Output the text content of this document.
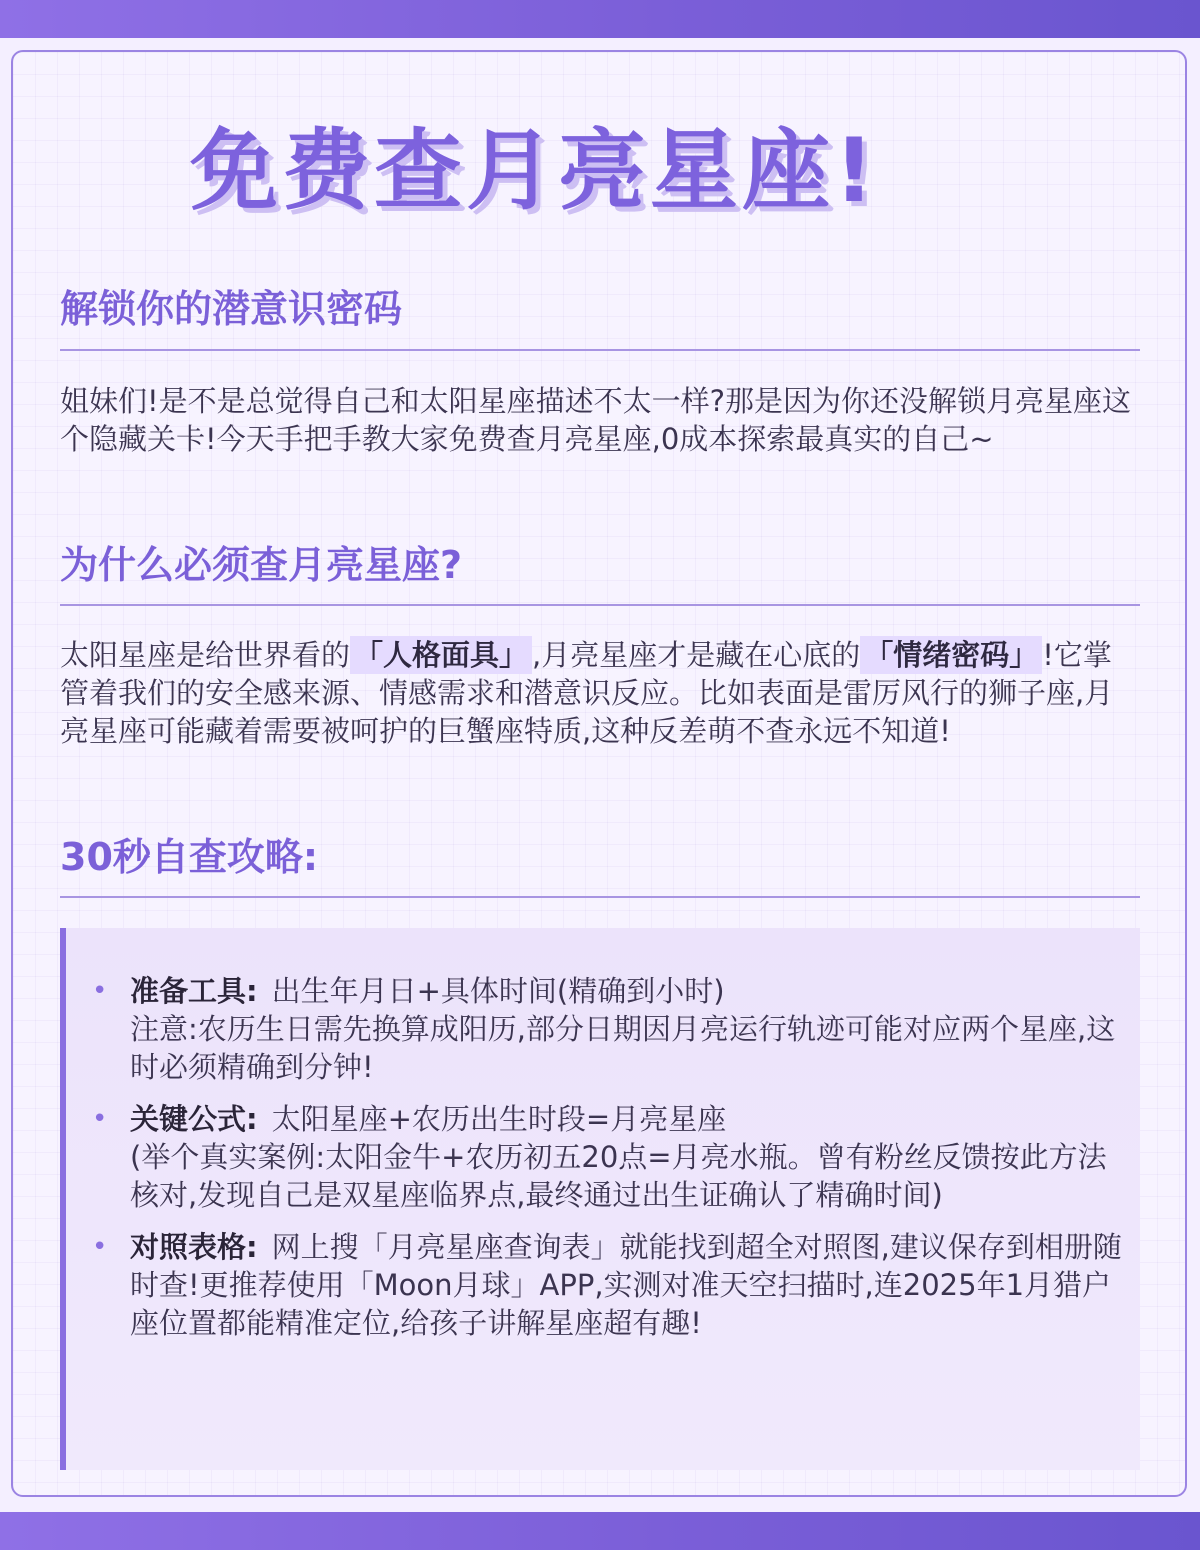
免费查月亮星座!
解锁你的潜意识密码

姐妹们!是不是总觉得自己和太阳星座描述不太一样?那是因为你还没解锁月亮星座这个隐藏关卡!今天手把手教大家免费查月亮星座,0成本探索最真实的自己~

为什么必须查月亮星座?

太阳星座是给世界看的 「人格面具」 ,月亮星座才是藏在心底的 「情绪密码」 !它掌管着我们的安全感来源、情感需求和潜意识反应。比如表面是雷厉风行的狮子座,月亮星座可能藏着需要被呵护的巨蟹座特质,这种反差萌不查永远不知道!

30秒自查攻略:
• 准备工具: 出生年月日+具体时间(精确到小时)
注意:农历生日需先换算成阳历,部分日期因月亮运行轨迹可能对应两个星座,这时必须精确到分钟!
• 关键公式: 太阳星座+农历出生时段=月亮星座
(举个真实案例:太阳金牛+农历初五20点=月亮水瓶。曾有粉丝反馈按此方法核对,发现自己是双星座临界点,最终通过出生证确认了精确时间)
• 对照表格: 网上搜「月亮星座查询表」就能找到超全对照图,建议保存到相册随时查!更推荐使用「Moon月球」APP,实测对准天空扫描时,连2025年1月猎户座位置都能精准定位,给孩子讲解星座超有趣!
